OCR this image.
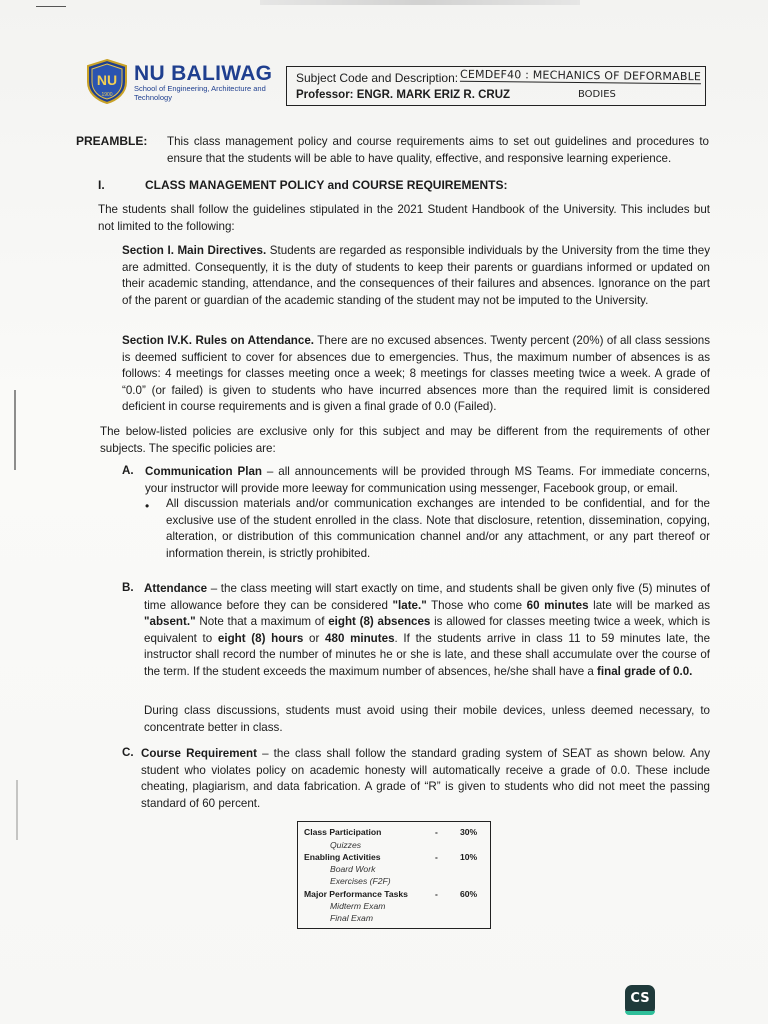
NU
1900
NU BALIWAG
School of Engineering, Architecture and Technology
Subject Code and Description: CEMDEF40 : MECHANICS OF DEFORMABLE
Professor: ENGR. MARK ERIZ R. CRUZ	BODIES
PREAMBLE: This class management policy and course requirements aims to set out guidelines and procedures to ensure that the students will be able to have quality, effective, and responsive learning experience.
I.	CLASS MANAGEMENT POLICY and COURSE REQUIREMENTS:
The students shall follow the guidelines stipulated in the 2021 Student Handbook of the University. This includes but not limited to the following:
Section I. Main Directives. Students are regarded as responsible individuals by the University from the time they are admitted. Consequently, it is the duty of students to keep their parents or guardians informed or updated on their academic standing, attendance, and the consequences of their failures and absences. Ignorance on the part of the parent or guardian of the academic standing of the student may not be imputed to the University.
Section IV.K. Rules on Attendance. There are no excused absences. Twenty percent (20%) of all class sessions is deemed sufficient to cover for absences due to emergencies. Thus, the maximum number of absences is as follows: 4 meetings for classes meeting once a week; 8 meetings for classes meeting twice a week. A grade of “0.0” (or failed) is given to students who have incurred absences more than the required limit is considered deficient in course requirements and is given a final grade of 0.0 (Failed).
The below-listed policies are exclusive only for this subject and may be different from the requirements of other subjects. The specific policies are:
A. Communication Plan – all announcements will be provided through MS Teams. For immediate concerns, your instructor will provide more leeway for communication using messenger, Facebook group, or email.
• All discussion materials and/or communication exchanges are intended to be confidential, and for the exclusive use of the student enrolled in the class. Note that disclosure, retention, dissemination, copying, alteration, or distribution of this communication channel and/or any attachment, or any part thereof or information therein, is strictly prohibited.
B. Attendance – the class meeting will start exactly on time, and students shall be given only five (5) minutes of time allowance before they can be considered "late." Those who come 60 minutes late will be marked as "absent." Note that a maximum of eight (8) absences is allowed for classes meeting twice a week, which is equivalent to eight (8) hours or 480 minutes. If the students arrive in class 11 to 59 minutes late, the instructor shall record the number of minutes he or she is late, and these shall accumulate over the course of the term. If the student exceeds the maximum number of absences, he/she shall have a final grade of 0.0.
During class discussions, students must avoid using their mobile devices, unless deemed necessary, to concentrate better in class.
C. Course Requirement – the class shall follow the standard grading system of SEAT as shown below. Any student who violates policy on academic honesty will automatically receive a grade of 0.0. These include cheating, plagiarism, and data fabrication. A grade of “R” is given to students who did not meet the passing standard of 60 percent.
Class Participation	-	30%
Quizzes
Enabling Activities	-	10%
Board Work
Exercises (F2F)
Major Performance Tasks	-	60%
Midterm Exam
Final Exam
CS
